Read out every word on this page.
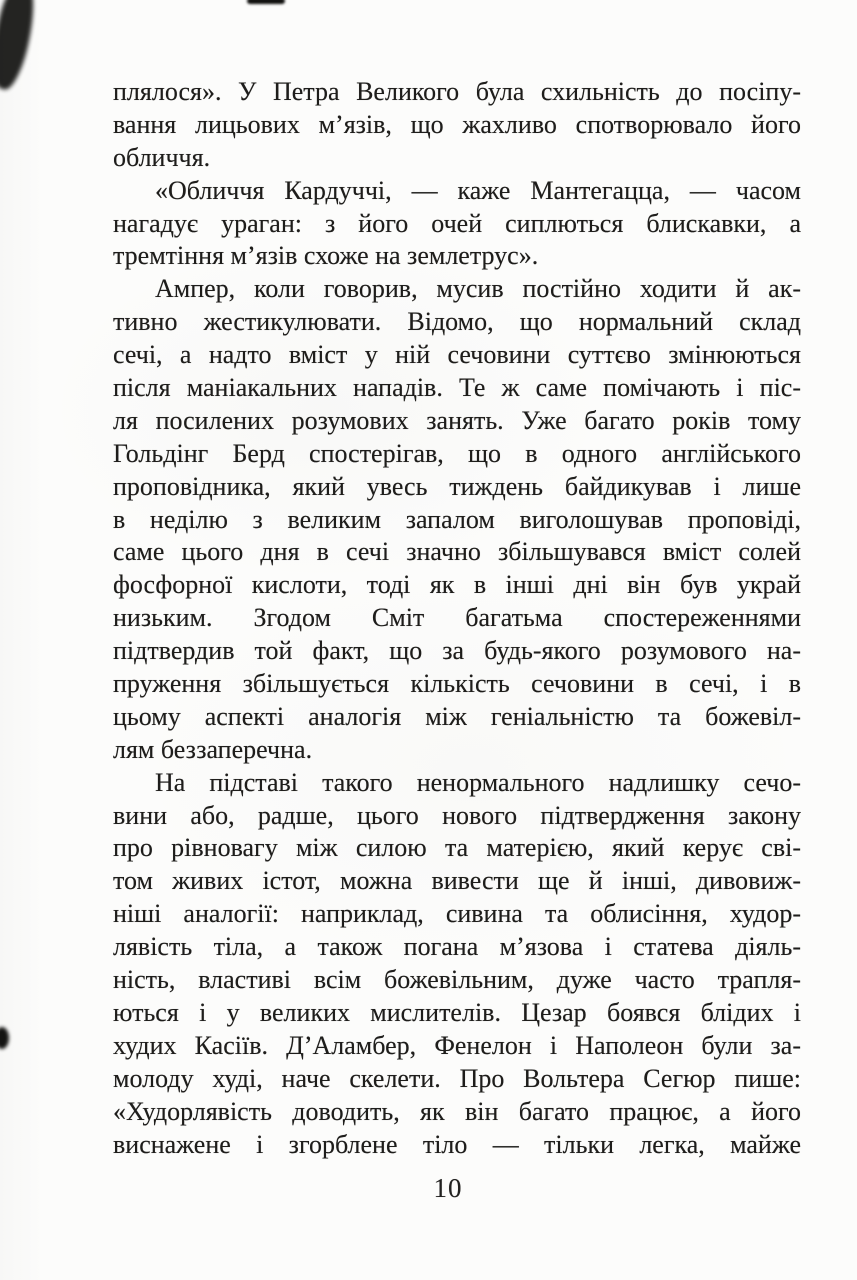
плялося». У Петра Великого була схильність до посіпу-
вання лицьових м’язів, що жахливо спотворювало його
обличчя.
«Обличчя Кардуччі, — каже Мантегацца, — часом
нагадує ураган: з його очей сиплються блискавки, а
тремтіння м’язів схоже на землетрус».
Ампер, коли говорив, мусив постійно ходити й ак-
тивно жестикулювати. Відомо, що нормальний склад
сечі, а надто вміст у ній сечовини суттєво змінюються
після маніакальних нападів. Те ж саме помічають і піс-
ля посилених розумових занять. Уже багато років тому
Гольдінг Берд спостерігав, що в одного англійського
проповідника, який увесь тиждень байдикував і лише
в неділю з великим запалом виголошував проповіді,
саме цього дня в сечі значно збільшувався вміст солей
фосфорної кислоти, тоді як в інші дні він був украй
низьким. Згодом Сміт багатьма спостереженнями
підтвердив той факт, що за будь-якого розумового на-
пруження збільшується кількість сечовини в сечі, і в
цьому аспекті аналогія між геніальністю та божевіл-
лям беззаперечна.
На підставі такого ненормального надлишку сечо-
вини або, радше, цього нового підтвердження закону
про рівновагу між силою та матерією, який керує сві-
том живих істот, можна вивести ще й інші, дивовиж-
ніші аналогії: наприклад, сивина та облисіння, худор-
лявість тіла, а також погана м’язова і статева діяль-
ність, властиві всім божевільним, дуже часто трапля-
ються і у великих мислителів. Цезар боявся блідих і
худих Касіїв. Д’Аламбер, Фенелон і Наполеон були за-
молоду худі, наче скелети. Про Вольтера Сегюр пише:
«Худорлявість доводить, як він багато працює, а його
виснажене і згорблене тіло — тільки легка, майже
10
